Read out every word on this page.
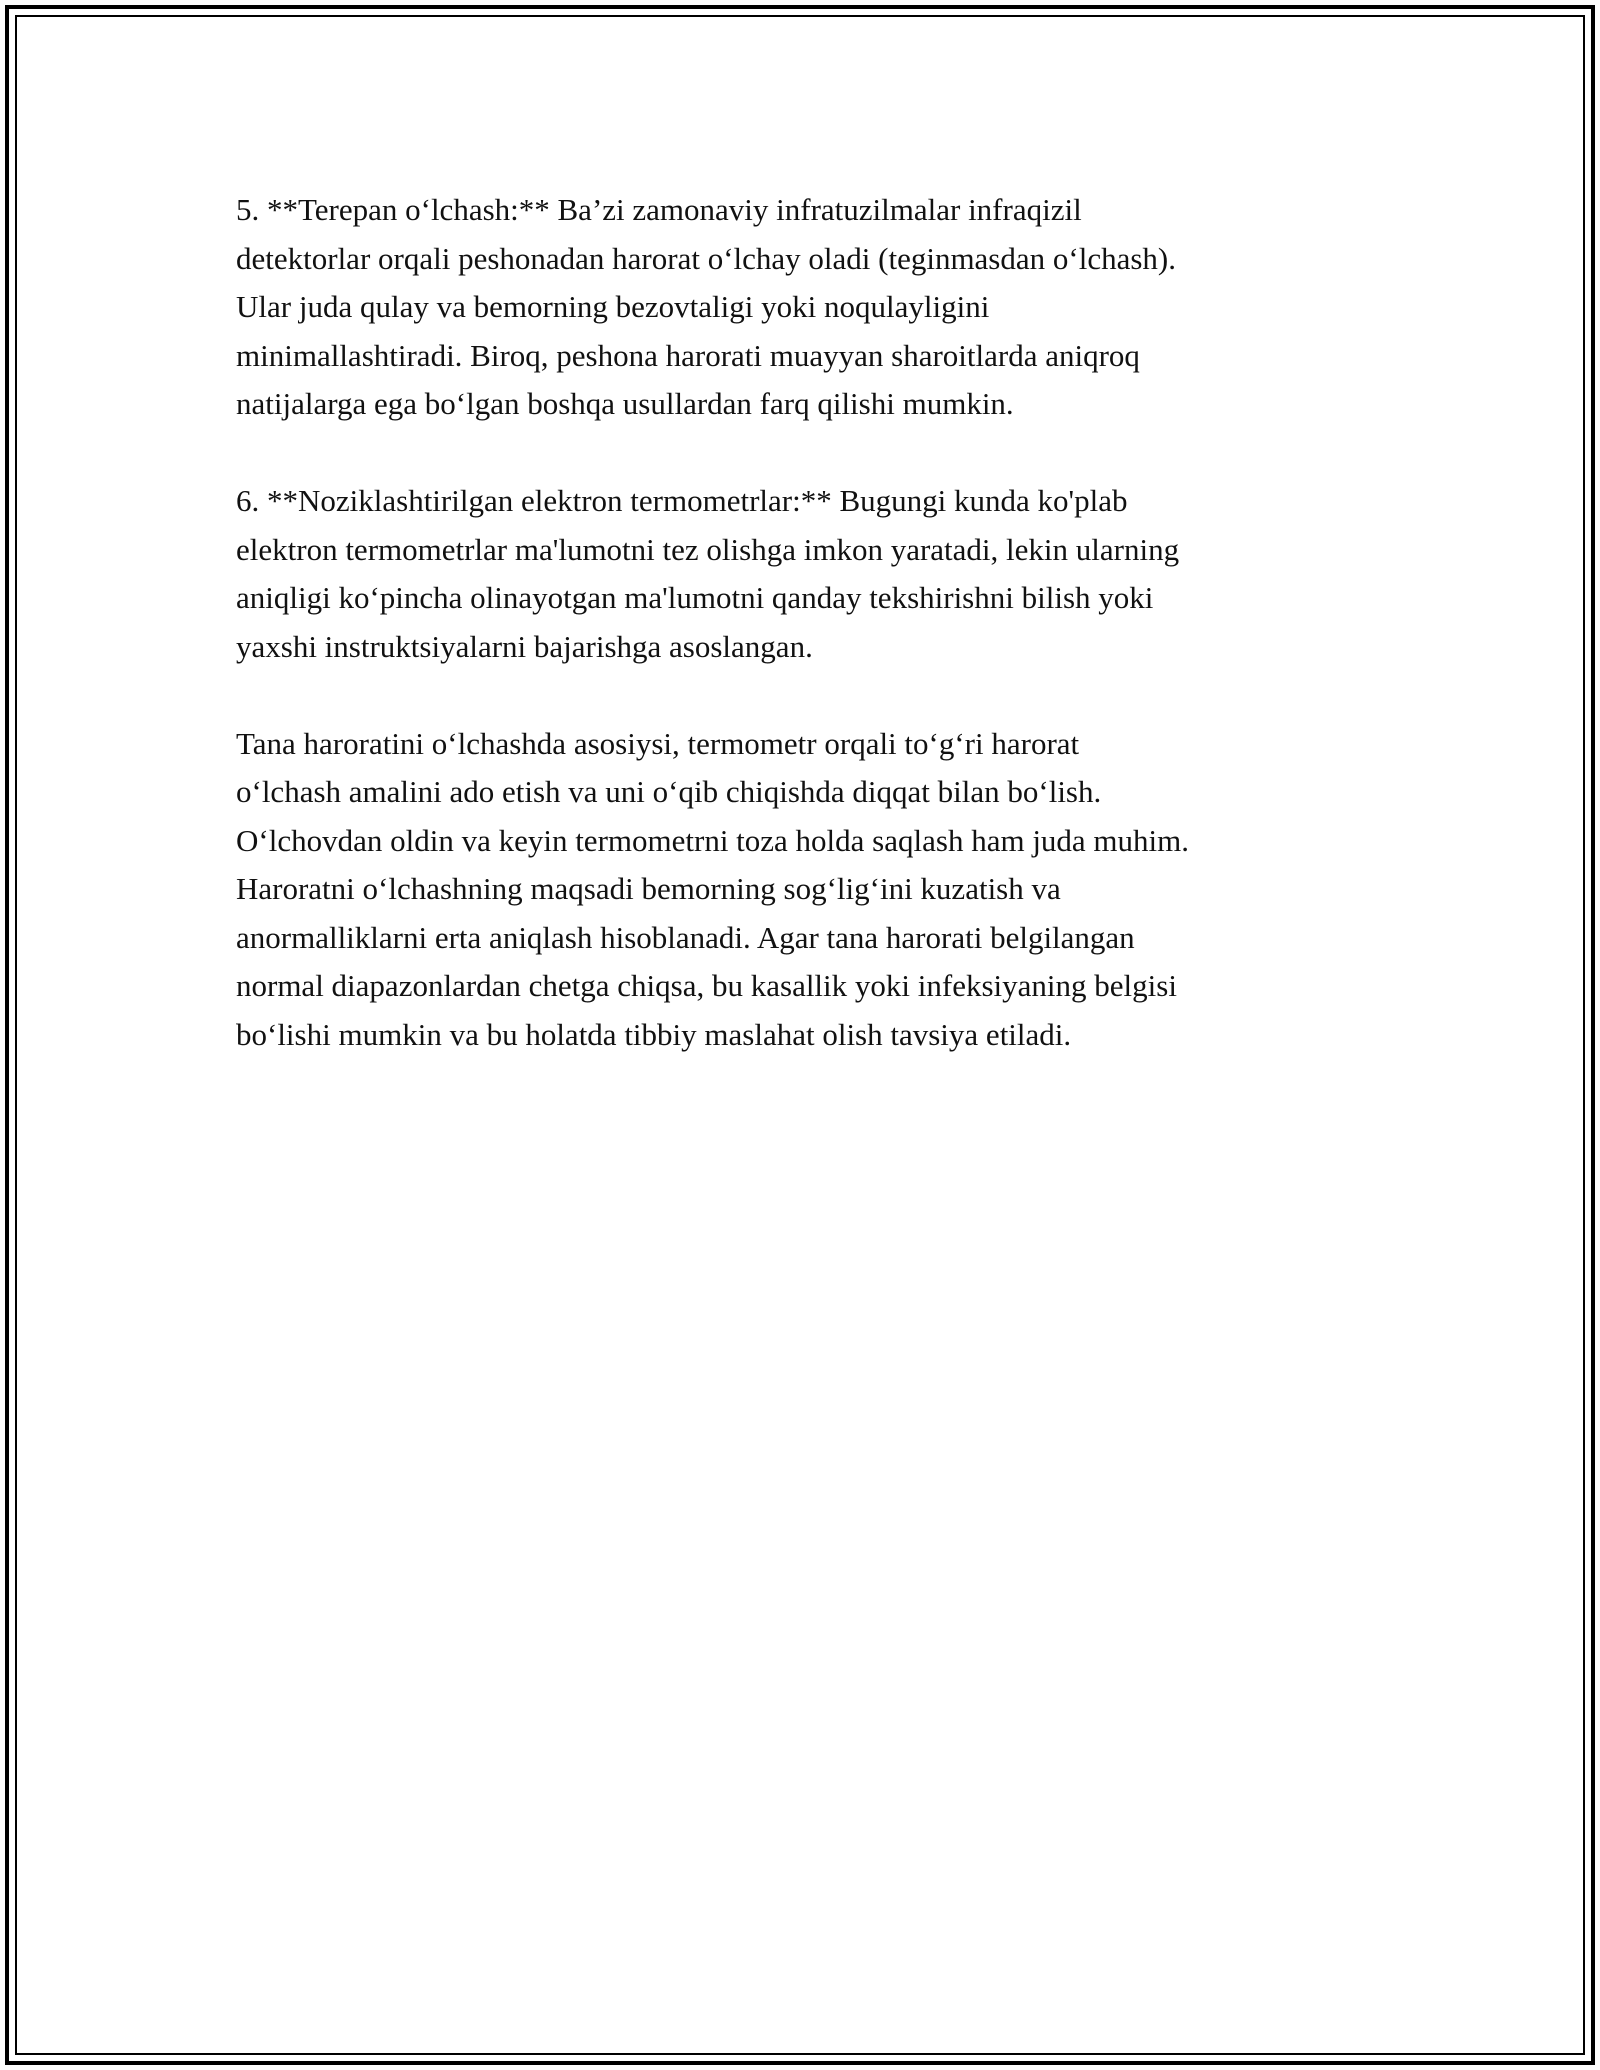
5. **Terepan o‘lchash:** Ba’zi zamonaviy infratuzilmalar infraqizil
detektorlar orqali peshonadan harorat o‘lchay oladi (teginmasdan o‘lchash).
Ular juda qulay va bemorning bezovtaligi yoki noqulayligini
minimallashtiradi. Biroq, peshona harorati muayyan sharoitlarda aniqroq
natijalarga ega bo‘lgan boshqa usullardan farq qilishi mumkin.

6. **Noziklashtirilgan elektron termometrlar:** Bugungi kunda ko'plab
elektron termometrlar ma'lumotni tez olishga imkon yaratadi, lekin ularning
aniqligi ko‘pincha olinayotgan ma'lumotni qanday tekshirishni bilish yoki
yaxshi instruktsiyalarni bajarishga asoslangan.

Tana haroratini o‘lchashda asosiysi, termometr orqali to‘g‘ri harorat
o‘lchash amalini ado etish va uni o‘qib chiqishda diqqat bilan bo‘lish.
O‘lchovdan oldin va keyin termometrni toza holda saqlash ham juda muhim.
Haroratni o‘lchashning maqsadi bemorning sog‘lig‘ini kuzatish va
anormalliklarni erta aniqlash hisoblanadi. Agar tana harorati belgilangan
normal diapazonlardan chetga chiqsa, bu kasallik yoki infeksiyaning belgisi
bo‘lishi mumkin va bu holatda tibbiy maslahat olish tavsiya etiladi.
